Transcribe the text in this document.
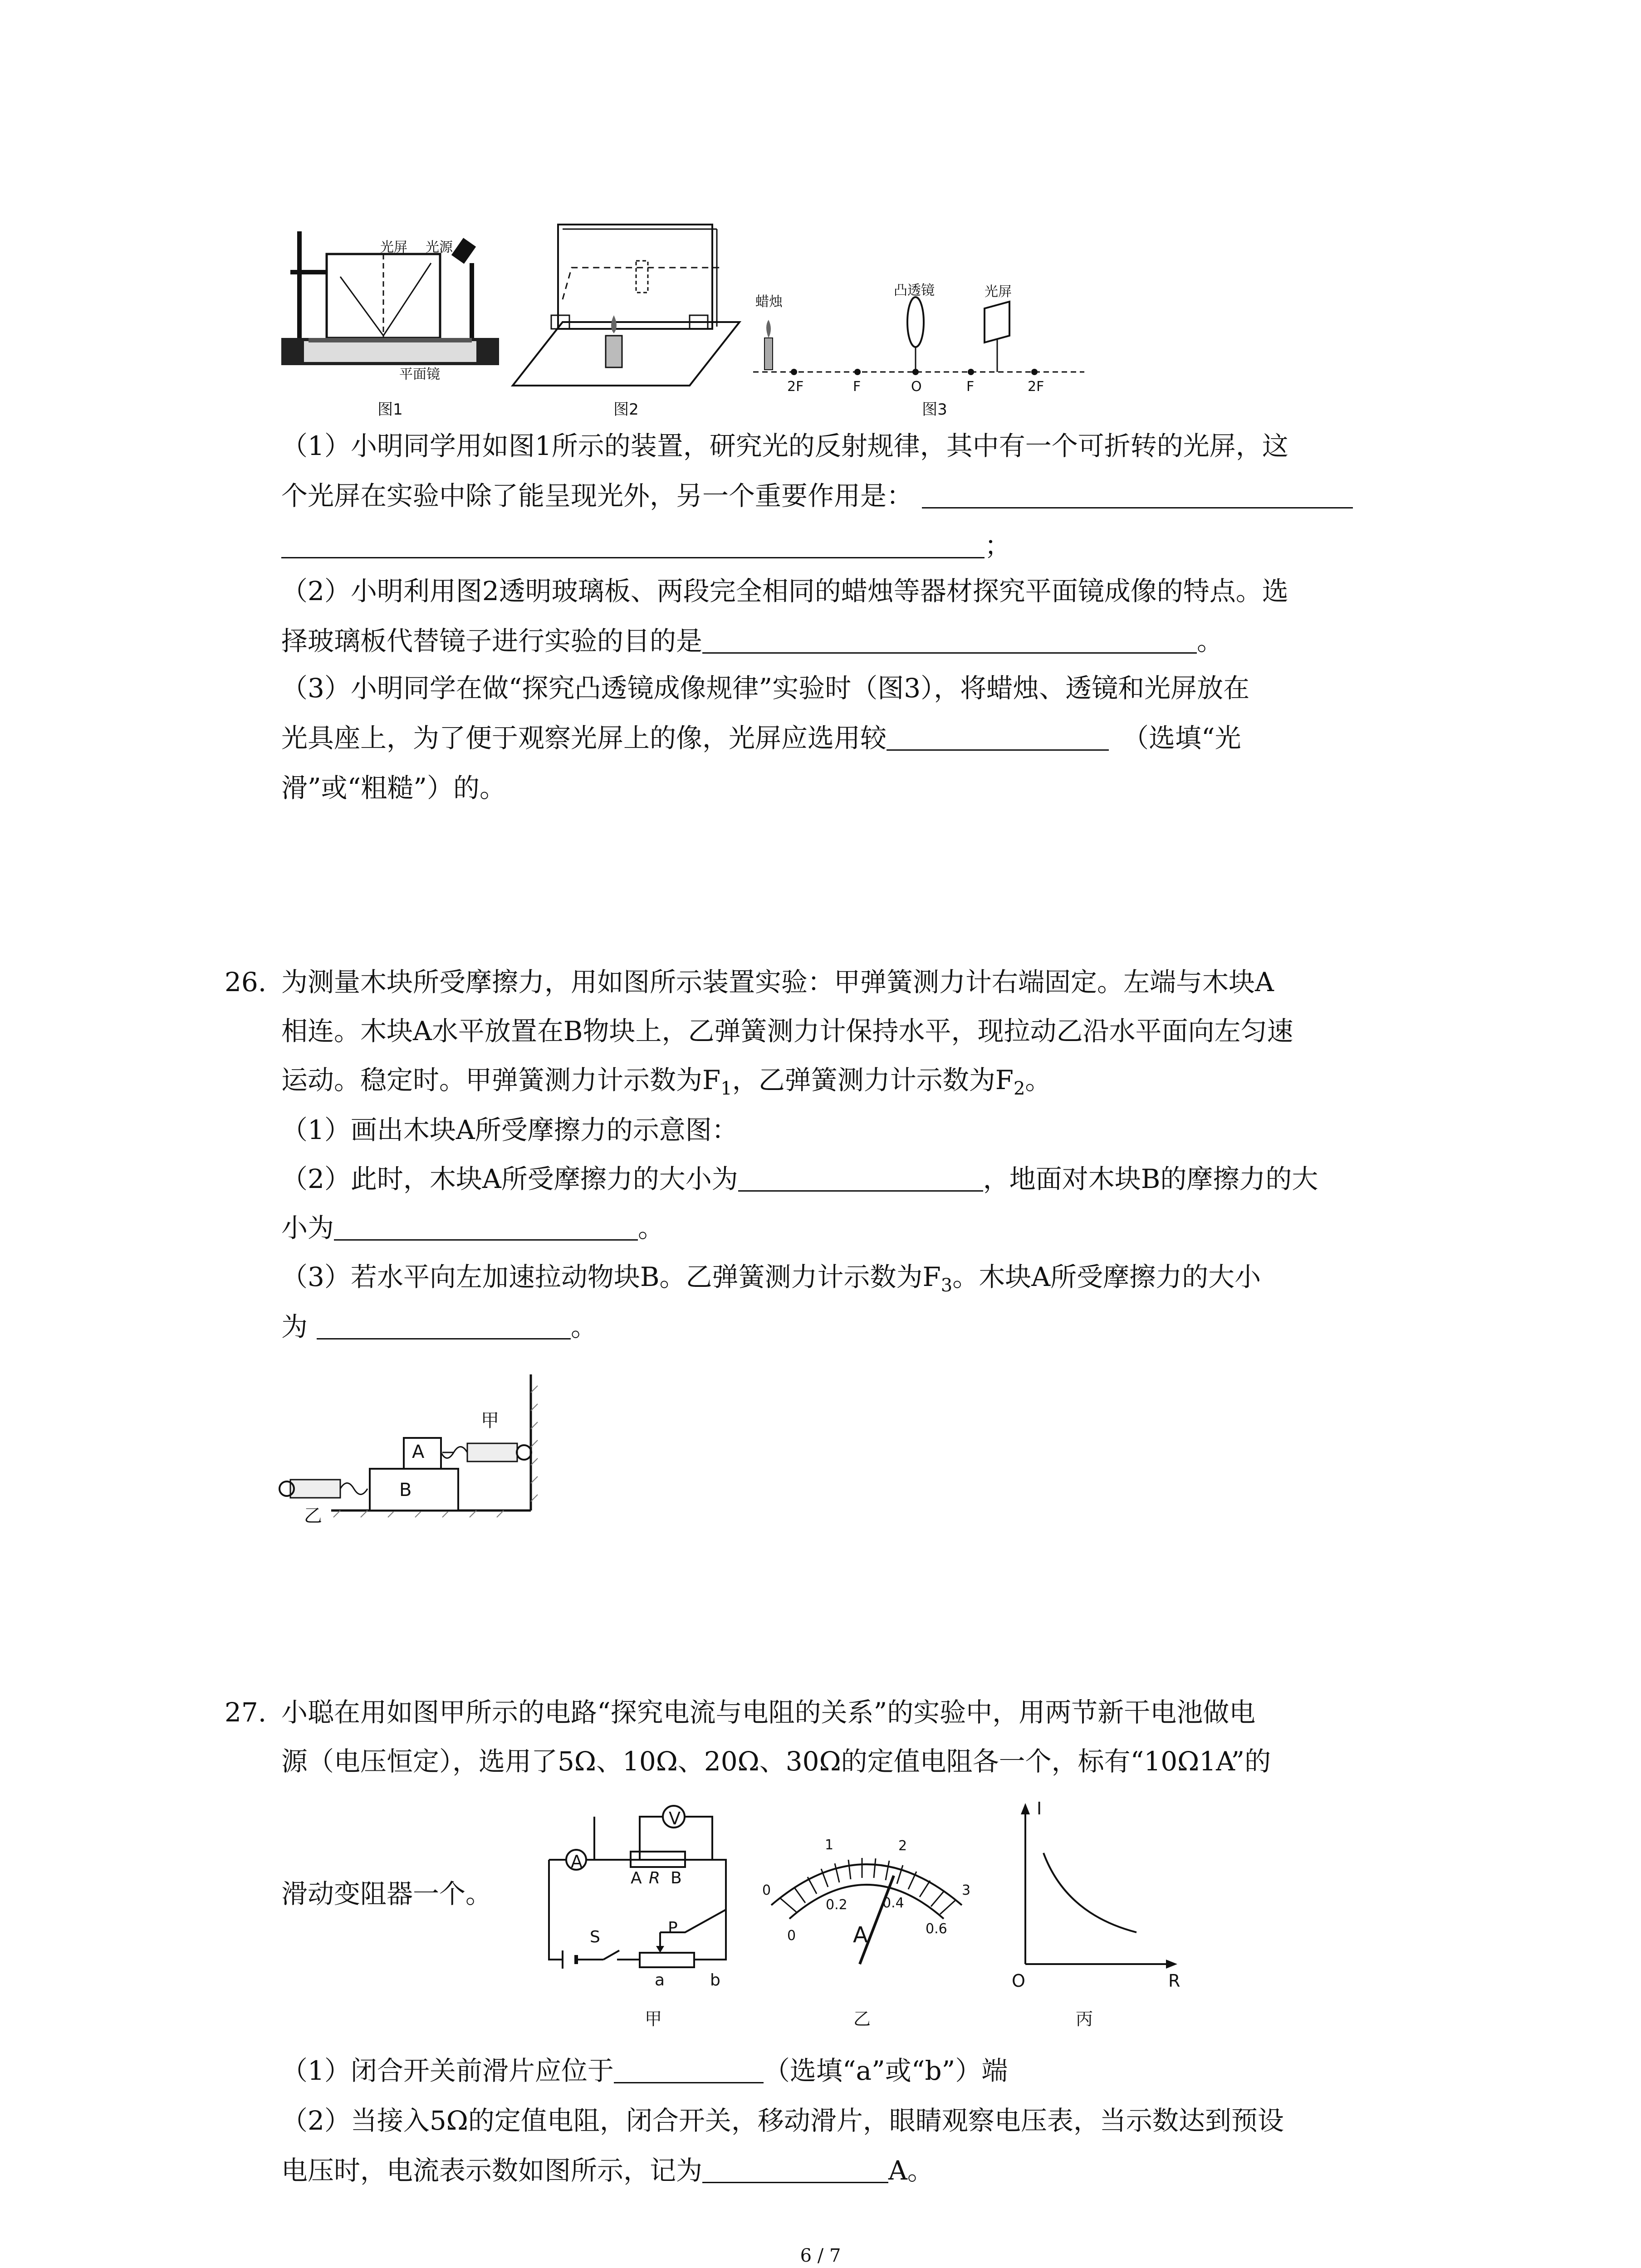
光屏 光源
平面镜
图1	图2
蜡烛
凸透镜	光屏
2F	F	O	F	2F
图3
（1）小明同学用如图1所示的装置，研究光的反射规律，其中有一个可折转的光屏，这
个光屏在实验中除了能呈现光外，另一个重要作用是：
；
（2）小明利用图2透明玻璃板、两段完全相同的蜡烛等器材探究平面镜成像的特点。选
择玻璃板代替镜子进行实验的目的是	。
（3）小明同学在做“探究凸透镜成像规律”实验时（图3），将蜡烛、透镜和光屏放在
光具座上，为了便于观察光屏上的像，光屏应选用较	（选填“光
滑”或“粗糙”）的。
26. 为测量木块所受摩擦力，用如图所示装置实验：甲弹簧测力计右端固定。左端与木块A
相连。木块A水平放置在B物块上，乙弹簧测力计保持水平，现拉动乙沿水平面向左匀速
运动。稳定时。甲弹簧测力计示数为$F_1$，乙弹簧测力计示数为$F_2$。
（1）画出木块A所受摩擦力的示意图：
（2）此时，木块A所受摩擦力的大小为	，地面对木块B的摩擦力的大
小为	。
（3）若水平向左加速拉动物块B。乙弹簧测力计示数为$F_3$。木块A所受摩擦力的大小
为	。
A
B
甲
乙
27. 小聪在用如图甲所示的电路“探究电流与电阻的关系”的实验中，用两节新干电池做电
源（电压恒定），选用了5Ω、10Ω、20Ω、30Ω的定值电阻各一个，标有“10Ω1A”的
滑动变阻器一个。
V
A
A R B
S	P
a	b
甲
0
1	2
3
0
0.2	0.4
0.6
A
乙
I
R
O
丙
（1）闭合开关前滑片应位于	（选填“a”或“b”）端
（2）当接入5Ω的定值电阻，闭合开关，移动滑片，眼睛观察电压表，当示数达到预设
电压时，电流表示数如图所示，记为	A。
6 / 7
